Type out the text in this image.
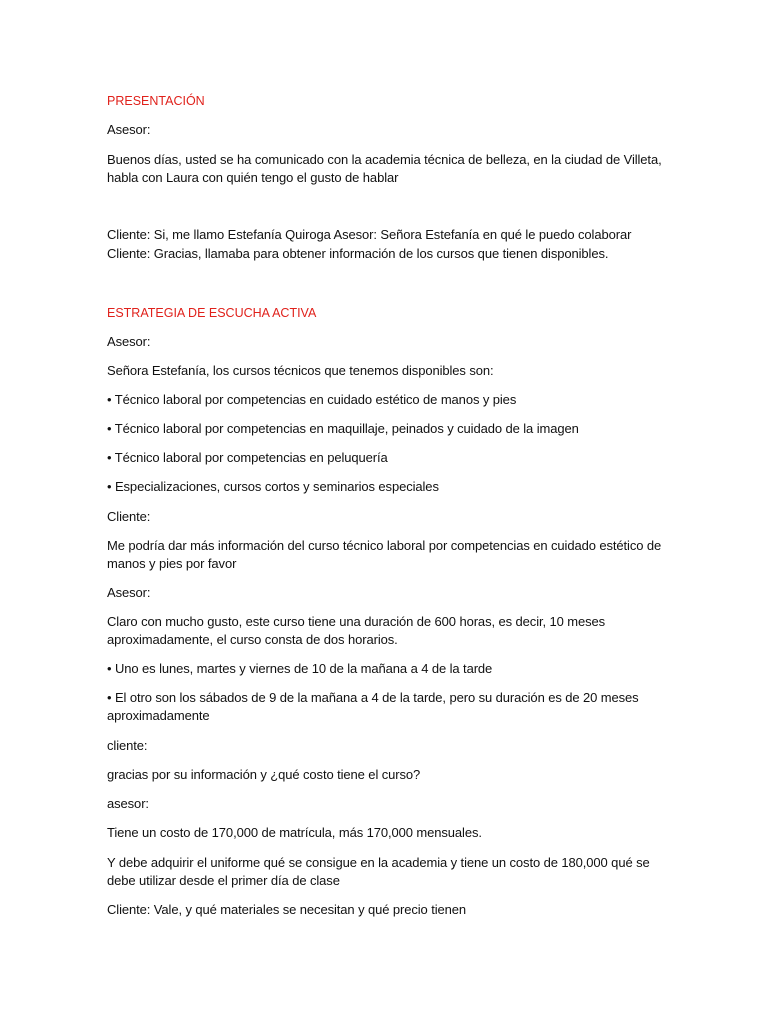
PRESENTACIÓN

Asesor:

Buenos días, usted se ha comunicado con la academia técnica de belleza, en la ciudad de Villeta,

habla con Laura con quién tengo el gusto de hablar

Cliente: Si, me llamo Estefanía Quiroga Asesor: Señora Estefanía en qué le puedo colaborar

Cliente: Gracias, llamaba para obtener información de los cursos que tienen disponibles.

ESTRATEGIA DE ESCUCHA ACTIVA

Asesor:

Señora Estefanía, los cursos técnicos que tenemos disponibles son:

• Técnico laboral por competencias en cuidado estético de manos y pies

• Técnico laboral por competencias en maquillaje, peinados y cuidado de la imagen

• Técnico laboral por competencias en peluquería

• Especializaciones, cursos cortos y seminarios especiales

Cliente:

Me podría dar más información del curso técnico laboral por competencias en cuidado estético de

manos y pies por favor

Asesor:

Claro con mucho gusto, este curso tiene una duración de 600 horas, es decir, 10 meses

aproximadamente, el curso consta de dos horarios.

• Uno es lunes, martes y viernes de 10 de la mañana a 4 de la tarde

• El otro son los sábados de 9 de la mañana a 4 de la tarde, pero su duración es de 20 meses

aproximadamente

cliente:

gracias por su información y ¿qué costo tiene el curso?

asesor:

Tiene un costo de 170,000 de matrícula, más 170,000 mensuales.

Y debe adquirir el uniforme qué se consigue en la academia y tiene un costo de 180,000 qué se

debe utilizar desde el primer día de clase

Cliente: Vale, y qué materiales se necesitan y qué precio tienen
